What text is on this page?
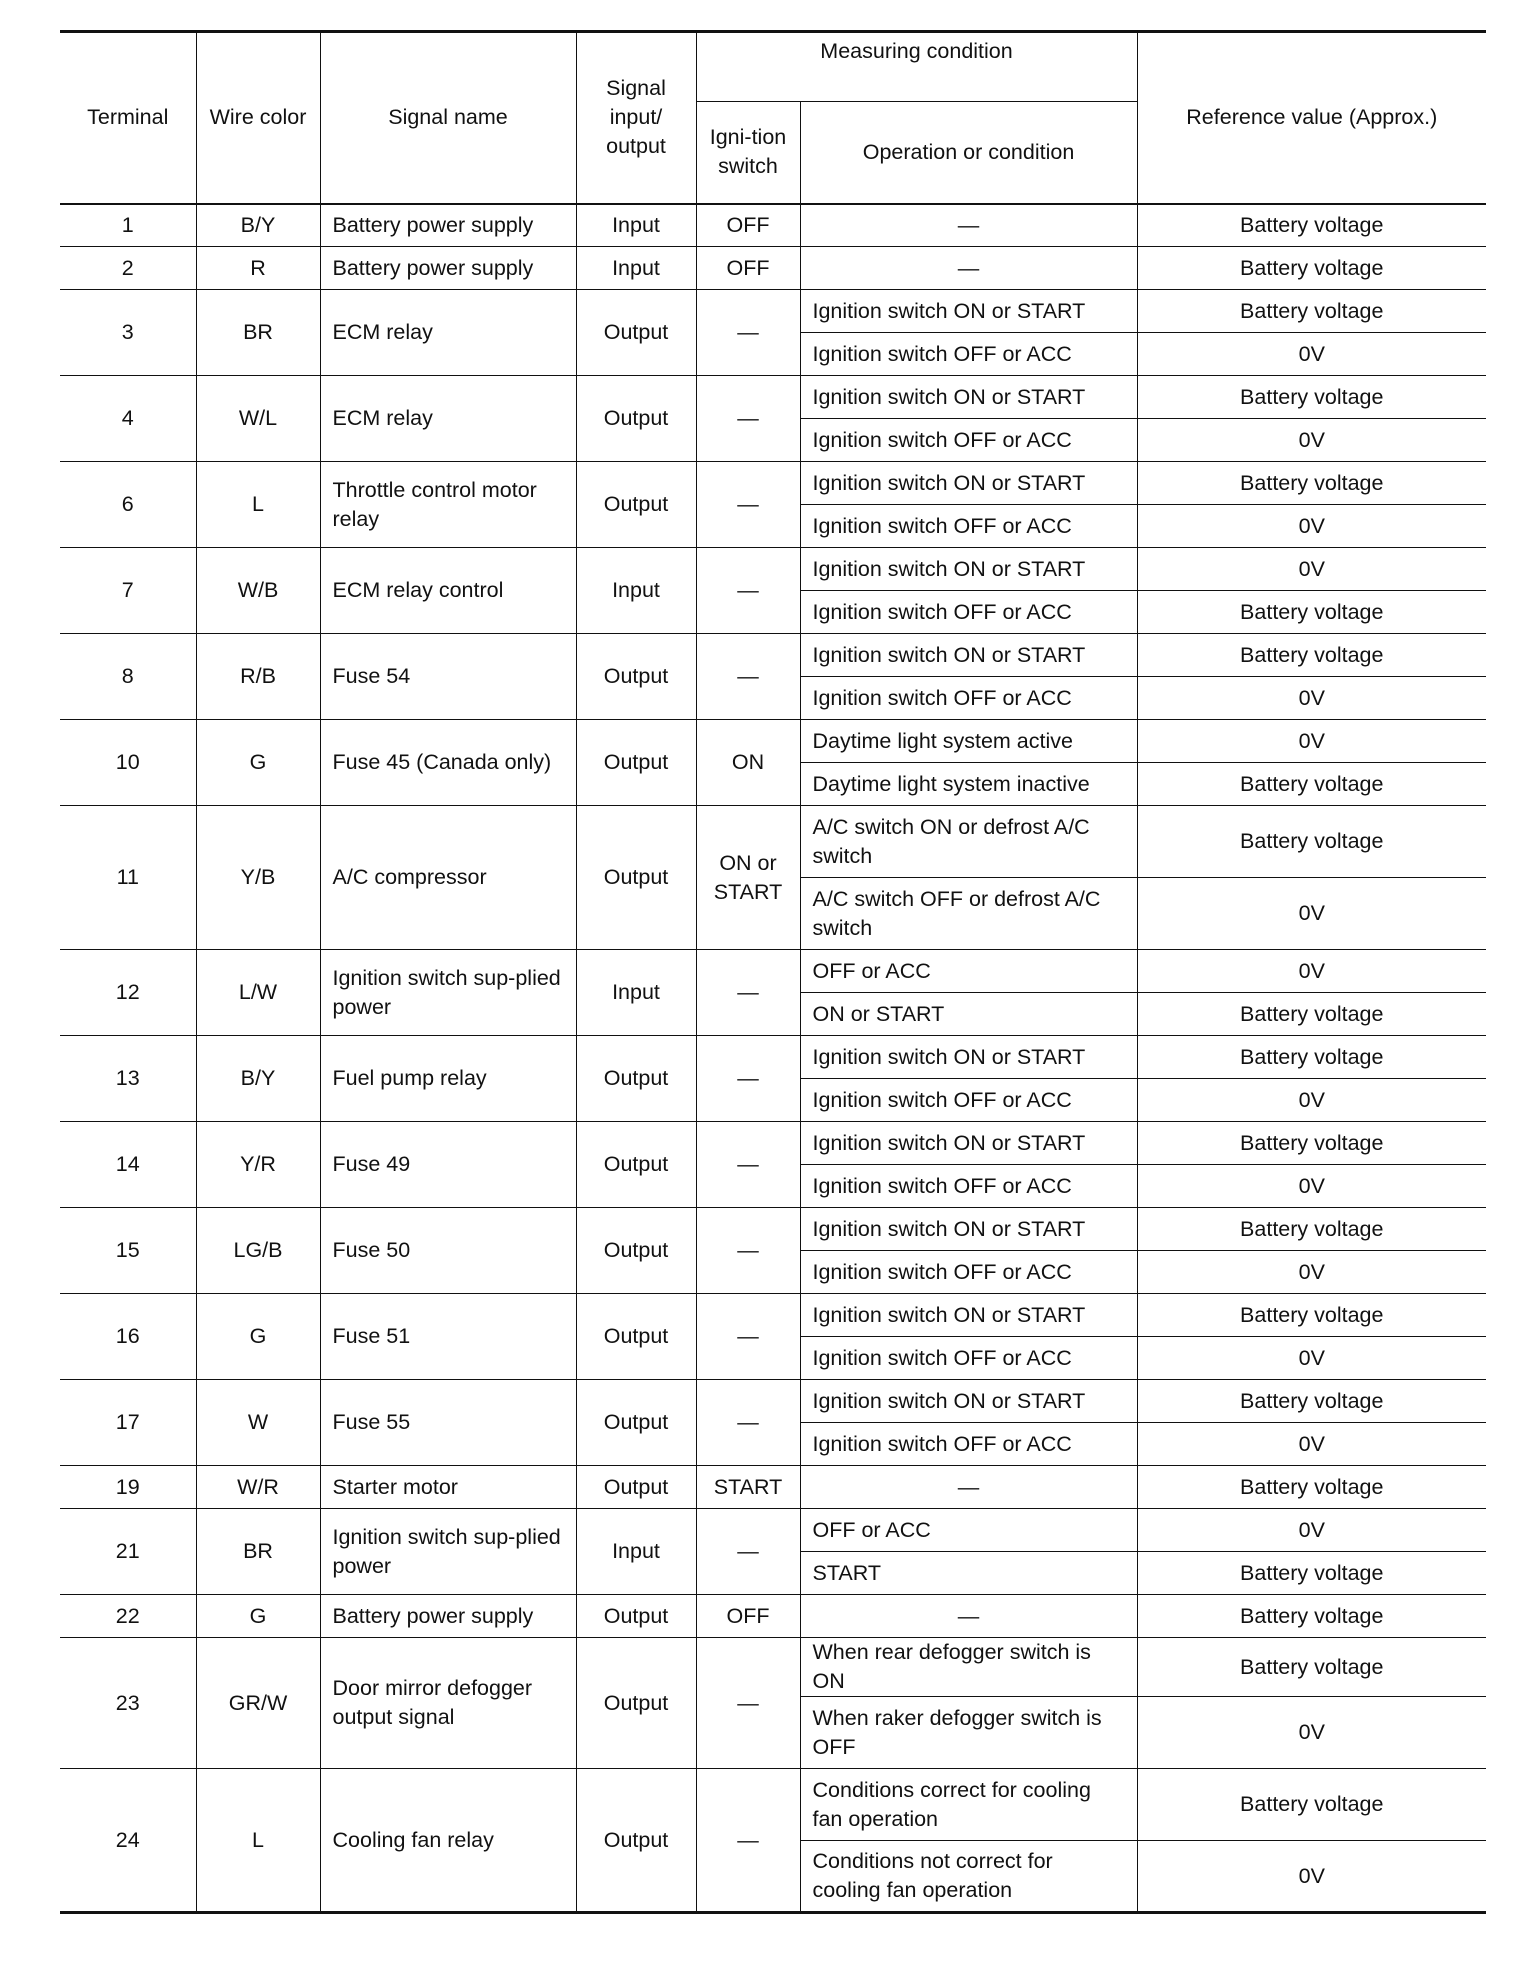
Terminal	Wire color	Signal name	Signal input/ output	Measuring condition		Reference value (Approx.)
				Igni-tion switch	Operation or condition	
1	B/Y	Battery power supply	Input	OFF	—	Battery voltage
2	R	Battery power supply	Input	OFF	—	Battery voltage
3	BR	ECM relay	Output	—	Ignition switch ON or START	Battery voltage
					Ignition switch OFF or ACC	0V
4	W/L	ECM relay	Output	—	Ignition switch ON or START	Battery voltage
					Ignition switch OFF or ACC	0V
6	L	Throttle control motor relay	Output	—	Ignition switch ON or START	Battery voltage
					Ignition switch OFF or ACC	0V
7	W/B	ECM relay control	Input	—	Ignition switch ON or START	0V
					Ignition switch OFF or ACC	Battery voltage
8	R/B	Fuse 54	Output	—	Ignition switch ON or START	Battery voltage
					Ignition switch OFF or ACC	0V
10	G	Fuse 45 (Canada only)	Output	ON	Daytime light system active	0V
					Daytime light system inactive	Battery voltage
11	Y/B	A/C compressor	Output	ON or START	A/C switch ON or defrost A/C switch	Battery voltage
					A/C switch OFF or defrost A/C switch	0V
12	L/W	Ignition switch sup-plied power	Input	—	OFF or ACC	0V
					ON or START	Battery voltage
13	B/Y	Fuel pump relay	Output	—	Ignition switch ON or START	Battery voltage
					Ignition switch OFF or ACC	0V
14	Y/R	Fuse 49	Output	—	Ignition switch ON or START	Battery voltage
					Ignition switch OFF or ACC	0V
15	LG/B	Fuse 50	Output	—	Ignition switch ON or START	Battery voltage
					Ignition switch OFF or ACC	0V
16	G	Fuse 51	Output	—	Ignition switch ON or START	Battery voltage
					Ignition switch OFF or ACC	0V
17	W	Fuse 55	Output	—	Ignition switch ON or START	Battery voltage
					Ignition switch OFF or ACC	0V
19	W/R	Starter motor	Output	START	—	Battery voltage
21	BR	Ignition switch sup-plied power	Input	—	OFF or ACC	0V
					START	Battery voltage
22	G	Battery power supply	Output	OFF	—	Battery voltage
23	GR/W	Door mirror defogger output signal	Output	—	When rear defogger switch is ON	Battery voltage
					When raker defogger switch is OFF	0V
24	L	Cooling fan relay	Output	—	Conditions correct for cooling fan operation	Battery voltage
					Conditions not correct for cooling fan operation	0V
